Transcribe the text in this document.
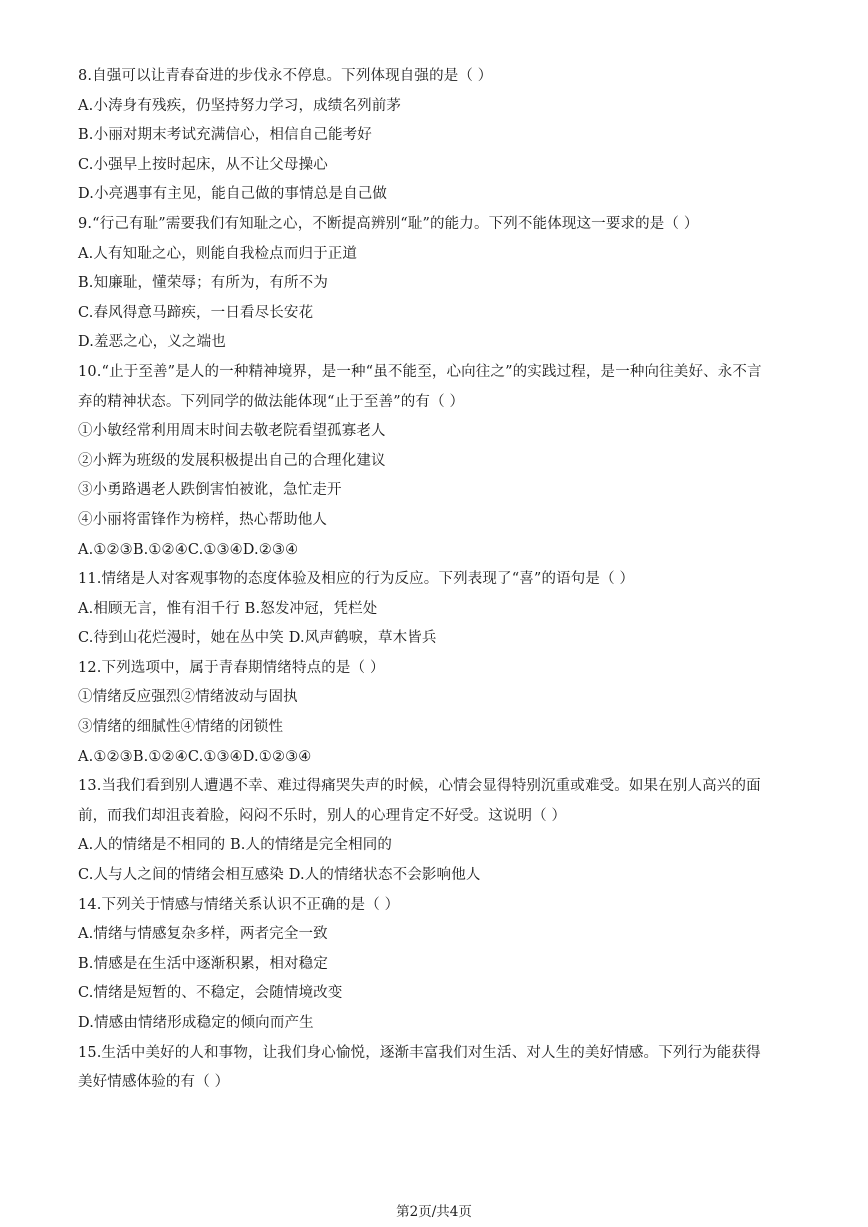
8.自强可以让青春奋进的步伐永不停息。下列体现自强的是（ ）
A.小涛身有残疾，仍坚持努力学习，成绩名列前茅
B.小丽对期末考试充满信心，相信自己能考好
C.小强早上按时起床，从不让父母操心
D.小亮遇事有主见，能自己做的事情总是自己做
9.“行己有耻”需要我们有知耻之心，不断提高辨别“耻”的能力。下列不能体现这一要求的是（ ）
A.人有知耻之心，则能自我检点而归于正道
B.知廉耻，懂荣辱；有所为，有所不为
C.春风得意马蹄疾，一日看尽长安花
D.羞恶之心，义之端也
10.“止于至善”是人的一种精神境界，是一种“虽不能至，心向往之”的实践过程，是一种向往美好、永不言
弃的精神状态。下列同学的做法能体现“止于至善”的有（ ）
①小敏经常利用周末时间去敬老院看望孤寡老人
②小辉为班级的发展积极提出自己的合理化建议
③小勇路遇老人跌倒害怕被讹，急忙走开
④小丽将雷锋作为榜样，热心帮助他人
A.①②③B.①②④C.①③④D.②③④
11.情绪是人对客观事物的态度体验及相应的行为反应。下列表现了“喜”的语句是（ ）
A.相顾无言，惟有泪千行 B.怒发冲冠，凭栏处
C.待到山花烂漫时，她在丛中笑 D.风声鹤唳，草木皆兵
12.下列选项中，属于青春期情绪特点的是（ ）
①情绪反应强烈②情绪波动与固执
③情绪的细腻性④情绪的闭锁性
A.①②③B.①②④C.①③④D.①②③④
13.当我们看到别人遭遇不幸、难过得痛哭失声的时候，心情会显得特别沉重或难受。如果在别人高兴的面
前，而我们却沮丧着脸，闷闷不乐时，别人的心理肯定不好受。这说明（ ）
A.人的情绪是不相同的 B.人的情绪是完全相同的
C.人与人之间的情绪会相互感染 D.人的情绪状态不会影响他人
14.下列关于情感与情绪关系认识不正确的是（ ）
A.情绪与情感复杂多样，两者完全一致
B.情感是在生活中逐渐积累，相对稳定
C.情绪是短暂的、不稳定，会随情境改变
D.情感由情绪形成稳定的倾向而产生
15.生活中美好的人和事物，让我们身心愉悦，逐渐丰富我们对生活、对人生的美好情感。下列行为能获得
美好情感体验的有（ ）
第2页/共4页
